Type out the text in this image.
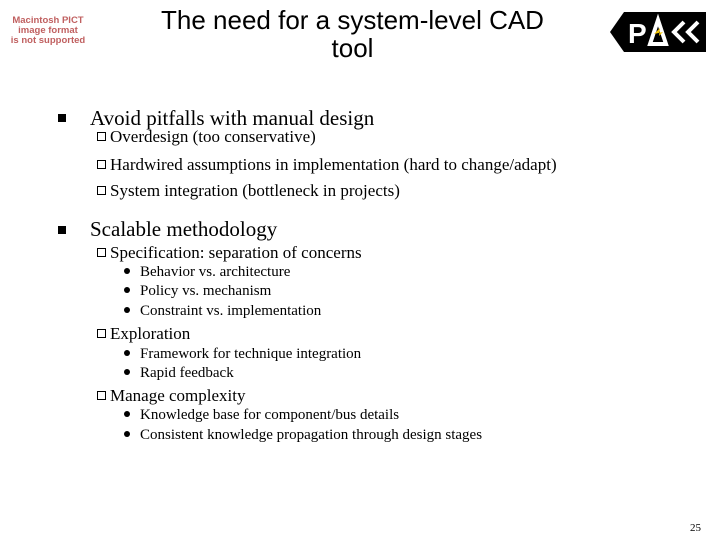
Macintosh PICT
image format
is not supported
The need for a system-level CAD
tool	P
Avoid pitfalls with manual design
Overdesign (too conservative)
Hardwired assumptions in implementation (hard to change/adapt)
System integration (bottleneck in projects)
Scalable methodology
Specification: separation of concerns
Behavior vs. architecture
Policy vs. mechanism
Constraint vs. implementation
Exploration
Framework for technique integration
Rapid feedback
Manage complexity
Knowledge base for component/bus details
Consistent knowledge propagation through design stages
25
